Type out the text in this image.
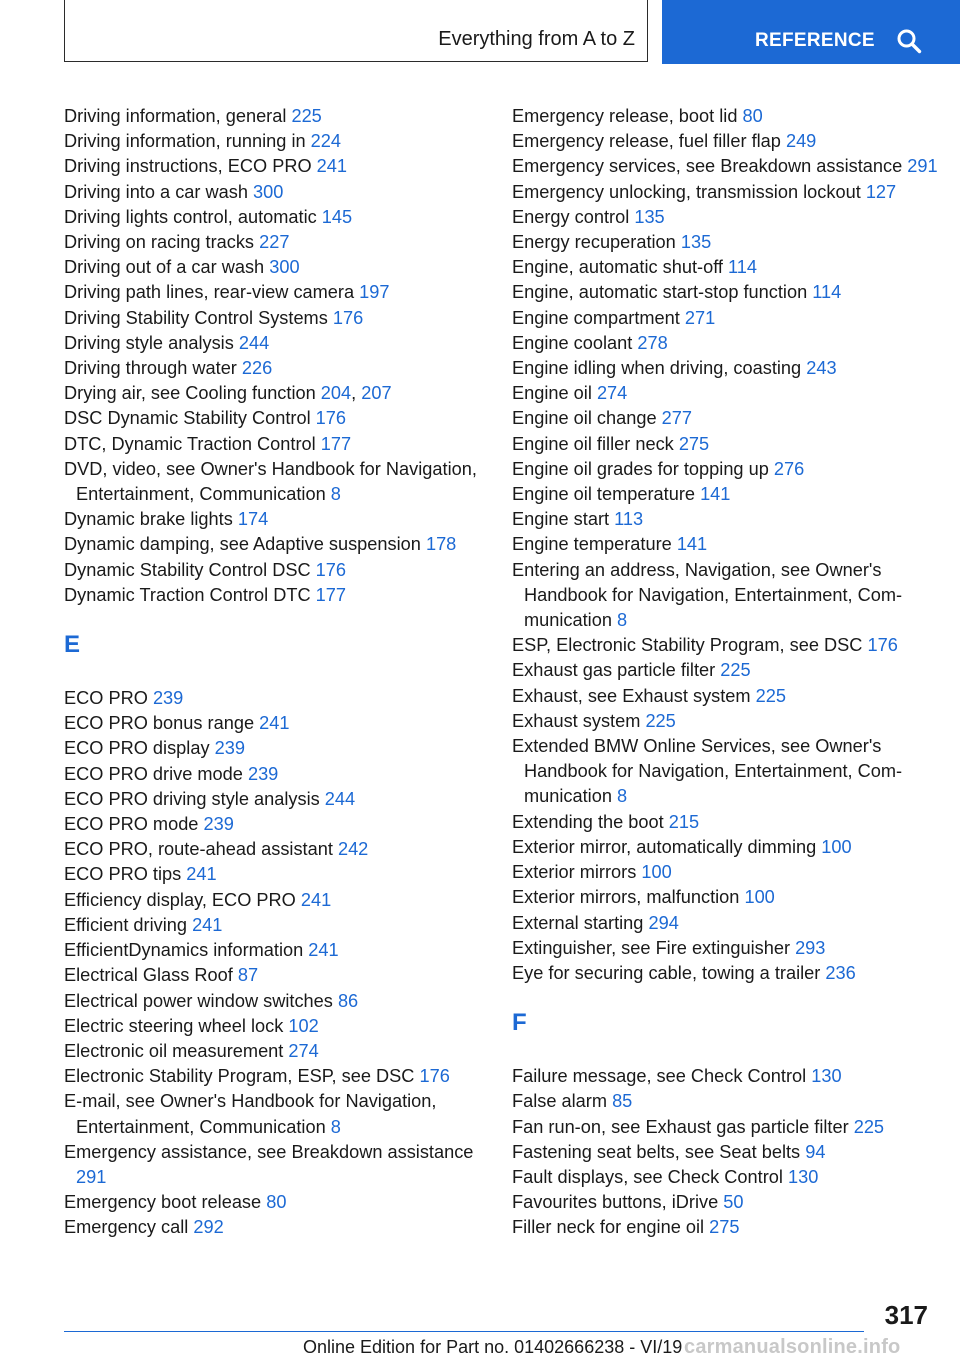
Everything from A to Z	REFERENCE
Driving information, general 225
Driving information, running in 224
Driving instructions, ECO PRO 241
Driving into a car wash 300
Driving lights control, automatic 145
Driving on racing tracks 227
Driving out of a car wash 300
Driving path lines, rear-view camera 197
Driving Stability Control Systems 176
Driving style analysis 244
Driving through water 226
Drying air, see Cooling function 204, 207
DSC Dynamic Stability Control 176
DTC, Dynamic Traction Control 177
DVD, video, see Owner's Handbook for Navigation, Entertainment, Communication 8
Dynamic brake lights 174
Dynamic damping, see Adaptive suspension 178
Dynamic Stability Control DSC 176
Dynamic Traction Control DTC 177
E
ECO PRO 239
ECO PRO bonus range 241
ECO PRO display 239
ECO PRO drive mode 239
ECO PRO driving style analysis 244
ECO PRO mode 239
ECO PRO, route-ahead assistant 242
ECO PRO tips 241
Efficiency display, ECO PRO 241
Efficient driving 241
EfficientDynamics information 241
Electrical Glass Roof 87
Electrical power window switches 86
Electric steering wheel lock 102
Electronic oil measurement 274
Electronic Stability Program, ESP, see DSC 176
E-mail, see Owner's Handbook for Navigation, Entertainment, Communication 8
Emergency assistance, see Breakdown assistance 291
Emergency boot release 80
Emergency call 292
Emergency release, boot lid 80
Emergency release, fuel filler flap 249
Emergency services, see Breakdown assistance 291
Emergency unlocking, transmission lockout 127
Energy control 135
Energy recuperation 135
Engine, automatic shut-off 114
Engine, automatic start-stop function 114
Engine compartment 271
Engine coolant 278
Engine idling when driving, coasting 243
Engine oil 274
Engine oil change 277
Engine oil filler neck 275
Engine oil grades for topping up 276
Engine oil temperature 141
Engine start 113
Engine temperature 141
Entering an address, Navigation, see Owner's Handbook for Navigation, Entertainment, Communication 8
ESP, Electronic Stability Program, see DSC 176
Exhaust gas particle filter 225
Exhaust, see Exhaust system 225
Exhaust system 225
Extended BMW Online Services, see Owner's Handbook for Navigation, Entertainment, Communication 8
Extending the boot 215
Exterior mirror, automatically dimming 100
Exterior mirrors 100
Exterior mirrors, malfunction 100
External starting 294
Extinguisher, see Fire extinguisher 293
Eye for securing cable, towing a trailer 236
F
Failure message, see Check Control 130
False alarm 85
Fan run-on, see Exhaust gas particle filter 225
Fastening seat belts, see Seat belts 94
Fault displays, see Check Control 130
Favourites buttons, iDrive 50
Filler neck for engine oil 275
317
Online Edition for Part no. 01402666238 - VI/19 carmanualsonline.info
